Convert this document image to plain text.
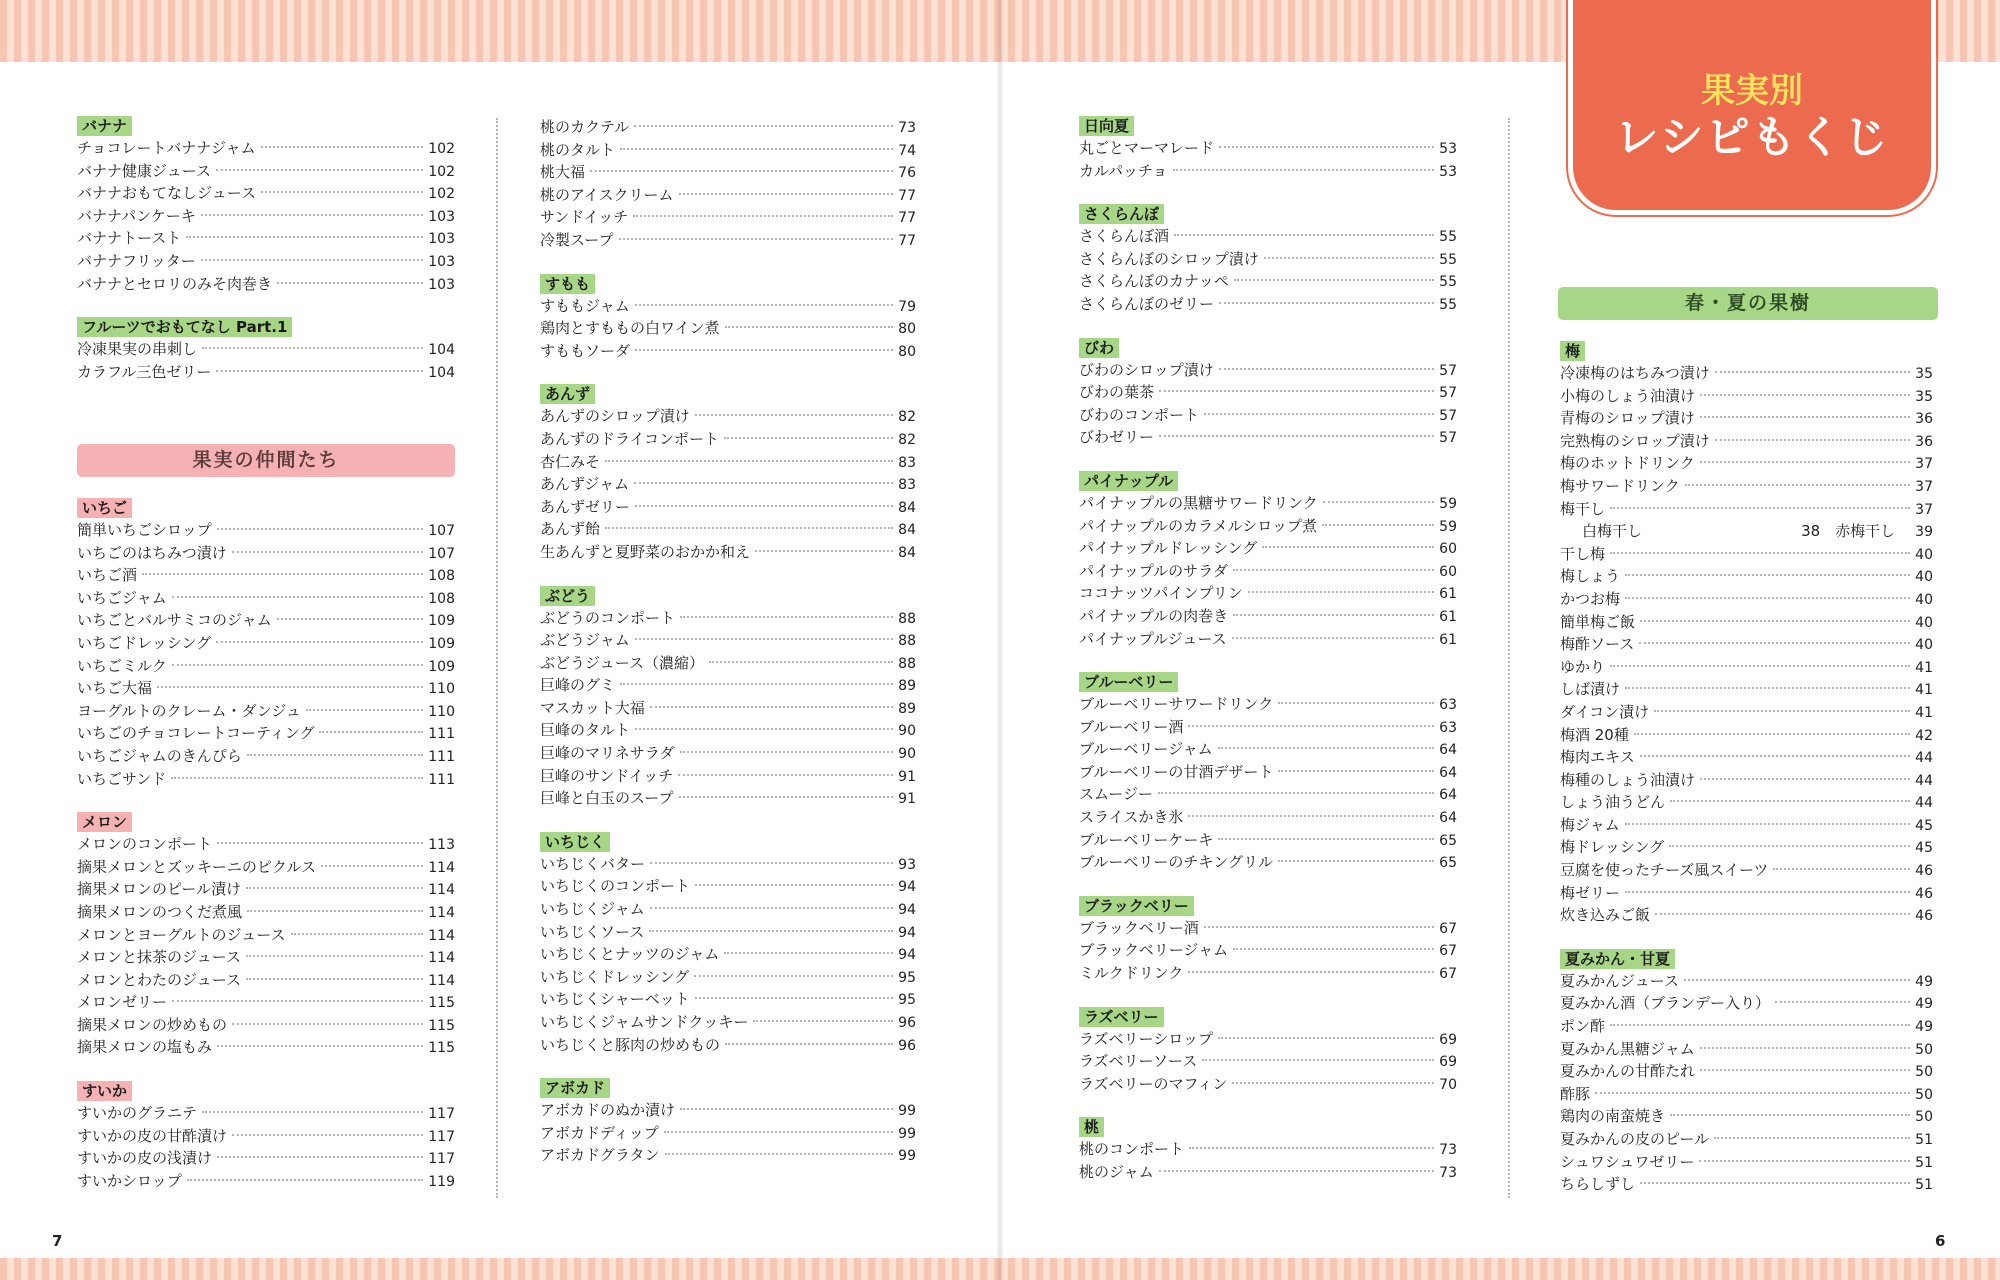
バナナ
チョコレートバナナジャム	102
バナナ健康ジュース	102
バナナおもてなしジュース	102
バナナパンケーキ	103
バナナトースト	103
バナナフリッター	103
バナナとセロリのみそ肉巻き	103
フルーツでおもてなし Part.1
冷凍果実の串刺し	104
カラフル三色ゼリー	104
果実の仲間たち
いちご
簡単いちごシロップ	107
いちごのはちみつ漬け	107
いちご酒	108
いちごジャム	108
いちごとバルサミコのジャム	109
いちごドレッシング	109
いちごミルク	109
いちご大福	110
ヨーグルトのクレーム・ダンジュ	110
いちごのチョコレートコーティング	111
いちごジャムのきんぴら	111
いちごサンド	111
メロン
メロンのコンポート	113
摘果メロンとズッキーニのピクルス	114
摘果メロンのピール漬け	114
摘果メロンのつくだ煮風	114
メロンとヨーグルトのジュース	114
メロンと抹茶のジュース	114
メロンとわたのジュース	114
メロンゼリー	115
摘果メロンの炒めもの	115
摘果メロンの塩もみ	115
すいか
すいかのグラニテ	117
すいかの皮の甘酢漬け	117
すいかの皮の浅漬け	117
すいかシロップ	119
桃のカクテル	73
桃のタルト	74
桃大福	76
桃のアイスクリーム	77
サンドイッチ	77
冷製スープ	77
すもも
すももジャム	79
鶏肉とすももの白ワイン煮	80
すももソーダ	80
あんず
あんずのシロップ漬け	82
あんずのドライコンポート	82
杏仁みそ	83
あんずジャム	83
あんずゼリー	84
あんず飴	84
生あんずと夏野菜のおかか和え	84
ぶどう
ぶどうのコンポート	88
ぶどうジャム	88
ぶどうジュース（濃縮）	88
巨峰のグミ	89
マスカット大福	89
巨峰のタルト	90
巨峰のマリネサラダ	90
巨峰のサンドイッチ	91
巨峰と白玉のスープ	91
いちじく
いちじくバター	93
いちじくのコンポート	94
いちじくジャム	94
いちじくソース	94
いちじくとナッツのジャム	94
いちじくドレッシング	95
いちじくシャーベット	95
いちじくジャムサンドクッキー	96
いちじくと豚肉の炒めもの	96
アボカド
アボカドのぬか漬け	99
アボカドディップ	99
アボカドグラタン	99
日向夏
丸ごとマーマレード	53
カルパッチョ	53
さくらんぼ
さくらんぼ酒	55
さくらんぼのシロップ漬け	55
さくらんぼのカナッペ	55
さくらんぼのゼリー	55
びわ
びわのシロップ漬け	57
びわの葉茶	57
びわのコンポート	57
びわゼリー	57
パイナップル
パイナップルの黒糖サワードリンク	59
パイナップルのカラメルシロップ煮	59
パイナップルドレッシング	60
パイナップルのサラダ	60
ココナッツパインプリン	61
パイナップルの肉巻き	61
パイナップルジュース	61
ブルーベリー
ブルーベリーサワードリンク	63
ブルーベリー酒	63
ブルーベリージャム	64
ブルーベリーの甘酒デザート	64
スムージー	64
スライスかき氷	64
ブルーベリーケーキ	65
ブルーベリーのチキングリル	65
ブラックベリー
ブラックベリー酒	67
ブラックベリージャム	67
ミルクドリンク	67
ラズベリー
ラズベリーシロップ	69
ラズベリーソース	69
ラズベリーのマフィン	70
桃
桃のコンポート	73
桃のジャム	73
果実別
レシピもくじ
春・夏の果樹
梅
冷凍梅のはちみつ漬け	35
小梅のしょう油漬け	35
青梅のシロップ漬け	36
完熟梅のシロップ漬け	36
梅のホットドリンク	37
梅サワードリンク	37
梅干し	37
白梅干し	38　赤梅干し 39
干し梅	40
梅しょう	40
かつお梅	40
簡単梅ご飯	40
梅酢ソース	40
ゆかり	41
しば漬け	41
ダイコン漬け	41
梅酒 20種	42
梅肉エキス	44
梅種のしょう油漬け	44
しょう油うどん	44
梅ジャム	45
梅ドレッシング	45
豆腐を使ったチーズ風スイーツ	46
梅ゼリー	46
炊き込みご飯	46
夏みかん・甘夏
夏みかんジュース	49
夏みかん酒（ブランデー入り）	49
ポン酢	49
夏みかん黒糖ジャム	50
夏みかんの甘酢たれ	50
酢豚	50
鶏肉の南蛮焼き	50
夏みかんの皮のピール	51
シュワシュワゼリー	51
ちらしずし	51
7	6
